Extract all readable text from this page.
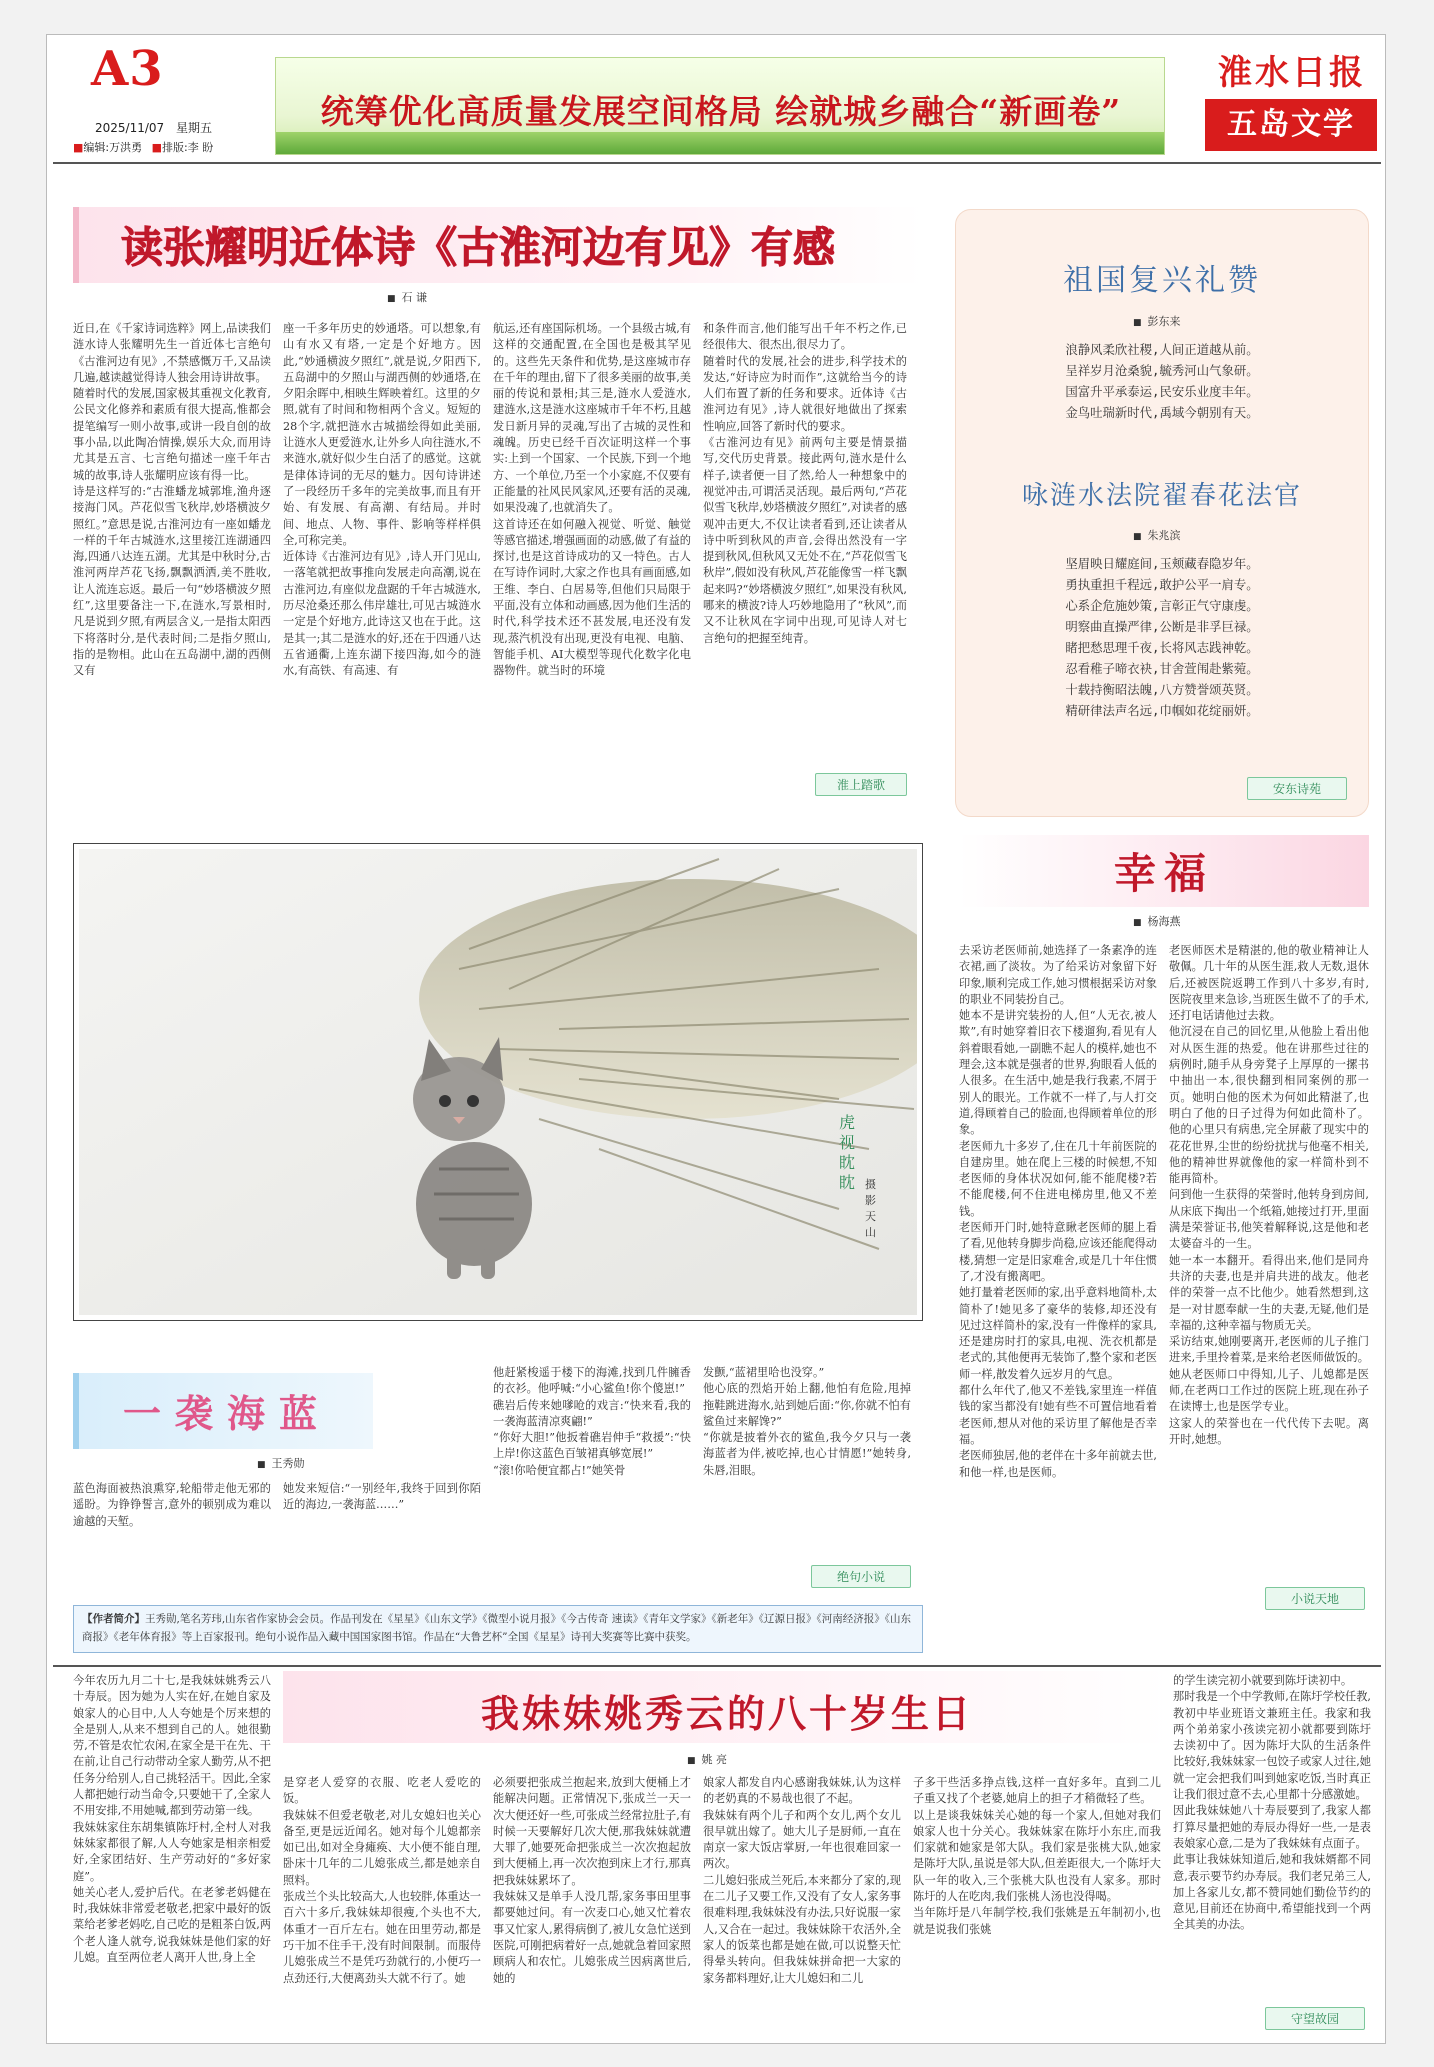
A3
2025/11/07 星期五
■编辑:万洪勇 ■排版:李 盼
统筹优化高质量发展空间格局 绘就城乡融合“新画卷”
淮水日报
五岛文学
读张耀明近体诗《古淮河边有见》有感
■ 石 谦
近日,在《千家诗词选粹》网上,品读我们涟水诗人张耀明先生一首近体七言绝句《古淮河边有见》,不禁感慨万千,又品读几遍,越读越觉得诗人独会用诗讲故事。
随着时代的发展,国家极其重视文化教育,公民文化修养和素质有很大提高,惟都会提笔编写一则小故事,或讲一段自创的故事小品,以此陶冶情操,娱乐大众,而用诗尤其是五言、七言绝句描述一座千年古城的故事,诗人张耀明应该有得一比。
诗是这样写的:“古淮蟠龙城郭堆,渔舟逐接海门风。芦花似雪飞秋岸,妙塔横波夕照红。”意思是说,古淮河边有一座如蟠龙一样的千年古城涟水,这里接江连湖通四海,四通八达连五湖。尤其是中秋时分,古淮河两岸芦花飞扬,飘飘洒洒,美不胜收,让人流连忘返。最后一句“妙塔横波夕照红”,这里要备注一下,在涟水,写景相时,凡是说到夕照,有两层含义,一是指太阳西下将落时分,是代表时间;二是指夕照山,指的是物相。此山在五岛湖中,湖的西侧又有
座一千多年历史的妙通塔。可以想象,有山有水又有塔,一定是个好地方。因此,“妙通横波夕照红”,就是说,夕阳西下,五岛湖中的夕照山与湖西侧的妙通塔,在夕阳余晖中,相映生辉映着红。这里的夕照,就有了时间和物相两个含义。短短的28个字,就把涟水古城描绘得如此美丽,让涟水人更爱涟水,让外乡人向往涟水,不来涟水,就好似少生白活了的感觉。这就是律体诗词的无尽的魅力。因句诗讲述了一段经历千多年的完美故事,而且有开始、有发展、有高潮、有结局。并时间、地点、人物、事件、影响等样样俱全,可称完美。
近体诗《古淮河边有见》,诗人开门见山,一落笔就把故事推向发展走向高潮,说在古淮河边,有座似龙盘踞的千年古城涟水,历尽沧桑还那么伟岸雄壮,可见古城涟水一定是个好地方,此诗这又也在于此。这是其一;其二是涟水的好,还在于四通八达五省通衢,上连东湖下接四海,如今的涟水,有高铁、有高速、有
航运,还有座国际机场。一个县级古城,有这样的交通配置,在全国也是极其罕见的。这些先天条件和优势,是这座城市存在千年的理由,留下了很多美丽的故事,美丽的传说和景相;其三是,涟水人爱涟水,建涟水,这是涟水这座城市千年不朽,且越发日新月异的灵魂,写出了古城的灵性和魂魄。历史已经千百次证明这样一个事实:上到一个国家、一个民族,下到一个地方、一个单位,乃至一个小家庭,不仅要有正能量的社风民风家风,还要有活的灵魂,如果没魂了,也就消失了。
这首诗还在如何融入视觉、听觉、触觉等感官描述,增强画面的动感,做了有益的探讨,也是这首诗成功的又一特色。古人在写诗作词时,大家之作也具有画面感,如王维、李白、白居易等,但他们只局限于平面,没有立体和动画感,因为他们生活的时代,科学技术还不甚发展,电还没有发现,蒸汽机没有出现,更没有电视、电脑、智能手机、AI大模型等现代化数字化电器物件。就当时的环境
和条件而言,他们能写出千年不朽之作,已经很伟大、很杰出,很尽力了。
随着时代的发展,社会的进步,科学技术的发达,“好诗应为时而作”,这就给当今的诗人们布置了新的任务和要求。近体诗《古淮河边有见》,诗人就很好地做出了探索性响应,回答了新时代的要求。
《古淮河边有见》前两句主要是情景描写,交代历史背景。接此两句,涟水是什么样子,读者便一目了然,给人一种想象中的视觉冲击,可谓活灵活现。最后两句,“芦花似雪飞秋岸,妙塔横波夕照红”,对读者的感观冲击更大,不仅让读者看到,还让读者从诗中听到秋风的声音,会得出然没有一字提到秋风,但秋风又无处不在,“芦花似雪飞秋岸”,假如没有秋风,芦花能像雪一样飞飘起来吗?“妙塔横波夕照红”,如果没有秋风,哪来的横波?诗人巧妙地隐用了“秋风”,而又不让秋风在字词中出现,可见诗人对七言绝句的把握至纯青。
淮上踏歌
祖国复兴礼赞
■ 彭东来
浪静风柔欣社稷,人间正道越从前。
呈祥岁月沧桑貌,毓秀河山气象研。
国富升平承泰运,民安乐业度丰年。
金鸟吐瑞新时代,禹域今朝别有天。
咏涟水法院翟春花法官
■ 朱兆滨
坚眉映日耀庭间,玉颊藏春隐岁年。
勇执重担千程远,敢护公平一肩专。
心系企危施妙策,言彰正气守康虔。
明察曲直操严律,公断是非孚巨禄。
睹把愁思理千夜,长将风志践神乾。
忍看稚子啼衣袂,甘舍萱闱赴紫菀。
十载持衡昭法魄,八方赞誉颂英贤。
精研律法声名远,巾帼如花绽丽妍。
安东诗苑
虎视眈眈 摄影 天 山
幸福
■ 杨海燕
去采访老医师前,她选择了一条素净的连衣裙,画了淡妆。为了给采访对象留下好印象,顺利完成工作,她习惯根据采访对象的职业不同装扮自己。
她本不是讲究装扮的人,但“人无衣,被人欺”,有时她穿着旧衣下楼遛狗,看见有人斜着眼看她,一副瞧不起人的模样,她也不理会,这本就是强者的世界,狗眼看人低的人很多。在生活中,她是我行我素,不屑于别人的眼光。工作就不一样了,与人打交道,得顾着自己的脸面,也得顾着单位的形象。
老医师九十多岁了,住在几十年前医院的自建房里。她在爬上三楼的时候想,不知老医师的身体状况如何,能不能爬楼?若不能爬楼,何不住进电梯房里,他又不差钱。
老医师开门时,她特意瞅老医师的腿上看了看,见他转身脚步尚稳,应该还能爬得动楼,猜想一定是旧家难舍,或是几十年住惯了,才没有搬离吧。
她打量着老医师的家,出乎意料地简朴,太简朴了!她见多了豪华的装修,却还没有见过这样简朴的家,没有一件像样的家具,还是建房时打的家具,电视、洗衣机都是老式的,其他便再无装饰了,整个家和老医师一样,散发着久远岁月的气息。
都什么年代了,他又不差钱,家里连一样值钱的家当都没有!她有些不可置信地看着老医师,想从对他的采访里了解他是否幸福。
老医师独居,他的老伴在十多年前就去世,和他一样,也是医师。
老医师医术是精湛的,他的敬业精神让人敬佩。几十年的从医生涯,救人无数,退休后,还被医院返聘工作到八十多岁,有时,医院夜里来急诊,当班医生做不了的手术,还打电话请他过去救。
他沉浸在自己的回忆里,从他脸上看出他对从医生涯的热爱。他在讲那些过往的病例时,随手从身旁凳子上厚厚的一摞书中抽出一本,很快翻到相同案例的那一页。她明白他的医术为何如此精湛了,也明白了他的日子过得为何如此简朴了。他的心里只有病患,完全屏蔽了现实中的花花世界,尘世的纷纷扰扰与他毫不相关,他的精神世界就像他的家一样简朴到不能再简朴。
问到他一生获得的荣誉时,他转身到房间,从床底下掏出一个纸箱,她接过打开,里面满是荣誉证书,他笑着解释说,这是他和老太婆奋斗的一生。
她一本一本翻开。看得出来,他们是同舟共济的夫妻,也是并肩共进的战友。他老伴的荣誉一点不比他少。她看然想到,这是一对甘愿奉献一生的夫妻,无疑,他们是幸福的,这种幸福与物质无关。
采访结束,她刚要离开,老医师的儿子推门进来,手里拎着菜,是来给老医师做饭的。她从老医师口中得知,儿子、儿媳都是医师,在老两口工作过的医院上班,现在孙子在读博士,也是医学专业。
这家人的荣誉也在一代代传下去呢。离开时,她想。
小说天地
一袭海蓝
■ 王秀勋
蓝色海面被热浪熏穿,轮船带走他无邪的遥盼。为铮铮誓言,意外的顿别成为难以逾越的天堑。
她发来短信:“一别经年,我终于回到你陌近的海边,一袭海蓝……”
他赶紧梭遥于楼下的海滩,找到几件臃香的衣衫。他呼喊:“小心鲨鱼!你个傻崽!”
礁岩后传来她嗲呛的戏言:“快来看,我的一袭海蓝清凉爽翩!”
“你好大胆!”他扳着礁岩伸手“救援”:“快上岸!你这蓝色百皱裙真够宽展!”
“滚!你哈便宜都占!”她笑骨
发颤,“蓝裙里哈也没穿。”
他心底的烈焰开始上翻,他怕有危险,甩掉拖鞋跳进海水,站到她后面:“你,你就不怕有鲨鱼过来解馋?”
“你就是披着外衣的鲨鱼,我今夕只与一袭海蓝者为伴,被吃掉,也心甘情愿!”她转身,朱唇,泪眼。
绝句小说
【作者简介】王秀勋,笔名芳玮,山东省作家协会会员。作品刊发在《星星》《山东文学》《微型小说月报》《今古传奇 速读》《青年文学家》《新老年》《辽源日报》《河南经济报》《山东商报》《老年体育报》等上百家报刊。绝句小说作品入藏中国国家图书馆。作品在“大鲁艺杯”全国《星星》诗刊大奖赛等比赛中获奖。
今年农历九月二十七,是我妹妹姚秀云八十寿辰。因为她为人实在好,在她自家及娘家人的心目中,人人夸她是个厉来想的全是别人,从来不想到自己的人。她很勤劳,不管是农忙农闲,在家全是干在先、干在前,让自己行动带动全家人勤劳,从不把任务分给别人,自己挑轻活干。因此,全家人都把她行动当命令,只要她干了,全家人不用安排,不用她喊,都到劳动第一线。
我妹妹家住东胡集镇陈圩村,全村人对我妹妹家都很了解,人人夸她家是相亲相爱好,全家团结好、生产劳动好的“多好家庭”。
她关心老人,爱护后代。在老爹老妈健在时,我妹妹非常爱老敬老,把家中最好的饭菜给老爹老妈吃,自己吃的是粗茶白饭,两个老人逢人就夸,说我妹妹是他们家的好儿媳。直至两位老人离开人世,身上全
我妹妹姚秀云的八十岁生日
■ 姚 亮
是穿老人爱穿的衣服、吃老人爱吃的饭。
我妹妹不但爱老敬老,对儿女媳妇也关心备至,更是远近闻名。她对每个儿媳都亲如已出,如对全身瘫痪、大小便不能自理,卧床十几年的二儿媳张成兰,都是她亲自照料。
张成兰个头比较高大,人也较胖,体重达一百六十多斤,我妹妹却很瘦,个头也不大,体重才一百斤左右。她在田里劳动,都是巧干加不住手干,没有时间限制。而服侍儿媳张成兰不是凭巧劲就行的,小便巧一点劲还行,大便离劲头大就不行了。她
必须要把张成兰抱起来,放到大便桶上才能解决问题。正常情况下,张成兰一天一次大便还好一些,可张成兰经常拉肚子,有时候一天要解好几次大便,那我妹妹就遭大罪了,她要死命把张成兰一次次抱起放到大便桶上,再一次次抱到床上才行,那真把我妹妹累坏了。
我妹妹又是单手人没几帮,家务事田里事都要她过问。有一次麦口心,她又忙着农事又忙家人,累得病倒了,被儿女急忙送到医院,可刚把病着好一点,她就急着回家照顾病人和农忙。儿媳张成兰因病离世后,她的
娘家人都发自内心感谢我妹妹,认为这样的老奶真的不易哉也很了不起。
我妹妹有两个儿子和两个女儿,两个女儿很早就出嫁了。她大儿子是厨师,一直在南京一家大饭店掌厨,一年也很难回家一两次。
二儿媳妇张成兰死后,本来都分了家的,现在二儿子又要工作,又没有了女人,家务事很难料理,我妹妹没有办法,只好说服一家人,又合在一起过。我妹妹除干农活外,全家人的饭菜也都是她在做,可以说整天忙得晕头转向。但我妹妹拼命把一大家的家务都料理好,让大儿媳妇和二儿
子多干些活多挣点钱,这样一直好多年。直到二儿子重又找了个老婆,她肩上的担子才稍微轻了些。
以上是谈我妹妹关心她的每一个家人,但她对我们娘家人也十分关心。我妹妹家在陈圩小东庄,而我们家就和她家是邻大队。我们家是张桃大队,她家是陈圩大队,虽说是邻大队,但差距很大,一个陈圩大队一年的收入,三个张桃大队也没有人家多。那时陈圩的人在吃肉,我们张桃人汤也没得喝。
当年陈圩是八年制学校,我们张姚是五年制初小,也就是说我们张姚
的学生读完初小就要到陈圩读初中。
那时我是一个中学教师,在陈圩学校任教,教初中毕业班语文兼班主任。我家和我两个弟弟家小孩读完初小就都要到陈圩去读初中了。因为陈圩大队的生活条件比较好,我妹妹家一包饺子或家人过往,她就一定会把我们叫到她家吃饭,当时真正让我们很过意不去,心里都十分感激她。
因此我妹妹她八十寿辰要到了,我家人都打算尽量把她的寿辰办得好一些,一是表表娘家心意,二是为了我妹妹有点面子。
此事让我妹妹知道后,她和我妹婿都不同意,表示要节约办寿辰。我们老兄弟三人,加上各家儿女,都不赞同她们勤俭节约的意见,目前还在协商中,希望能找到一个两全其美的办法。
守望故园
